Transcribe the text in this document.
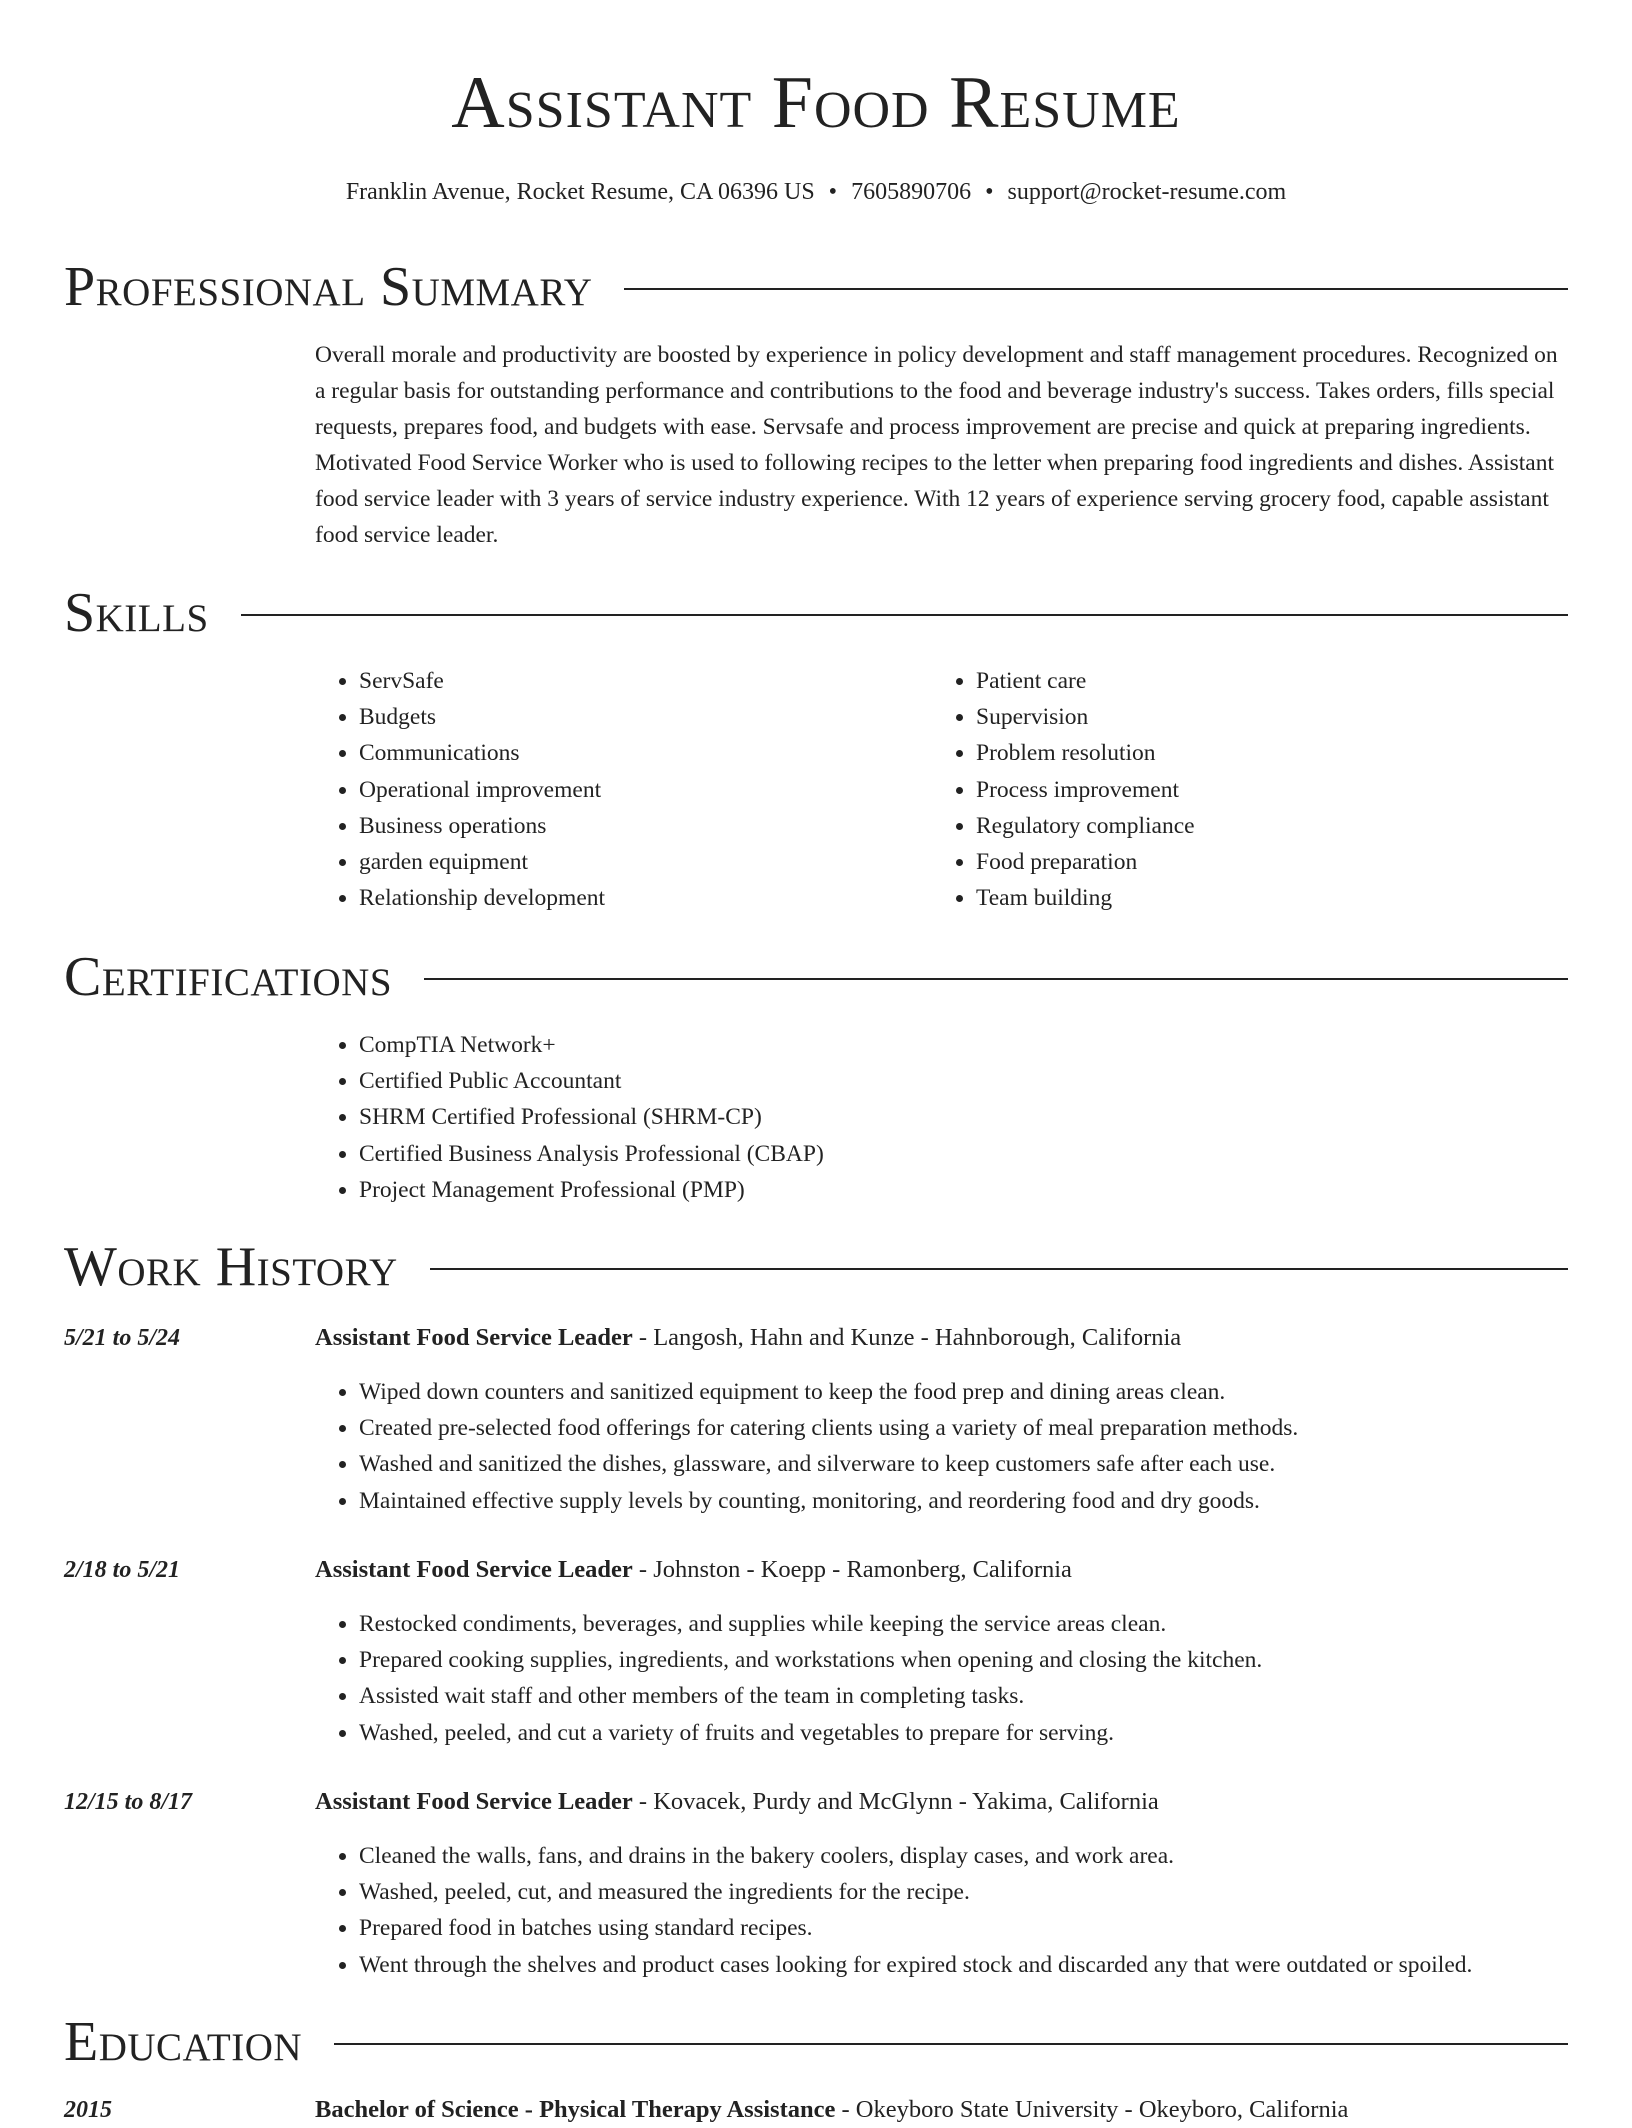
Assistant Food Resume
Franklin Avenue, Rocket Resume, CA 06396 US • 7605890706 • support@rocket-resume.com
Professional Summary

Overall morale and productivity are boosted by experience in policy development and staff management procedures. Recognized on a regular basis for outstanding performance and contributions to the food and beverage industry's success. Takes orders, fills special requests, prepares food, and budgets with ease. Servsafe and process improvement are precise and quick at preparing ingredients. Motivated Food Service Worker who is used to following recipes to the letter when preparing food ingredients and dishes. Assistant food service leader with 3 years of service industry experience. With 12 years of experience serving grocery food, capable assistant food service leader.

Skills
• ServSafe
• Budgets
• Communications
• Operational improvement
• Business operations
• garden equipment
• Relationship development
• Patient care
• Supervision
• Problem resolution
• Process improvement
• Regulatory compliance
• Food preparation
• Team building
Certifications
• CompTIA Network+
• Certified Public Accountant
• SHRM Certified Professional (SHRM-CP)
• Certified Business Analysis Professional (CBAP)
• Project Management Professional (PMP)
Work History
5/21 to 5/24	Assistant Food Service Leader - Langosh, Hahn and Kunze - Hahnborough, California
• Wiped down counters and sanitized equipment to keep the food prep and dining areas clean.
• Created pre-selected food offerings for catering clients using a variety of meal preparation methods.
• Washed and sanitized the dishes, glassware, and silverware to keep customers safe after each use.
• Maintained effective supply levels by counting, monitoring, and reordering food and dry goods.
2/18 to 5/21	Assistant Food Service Leader - Johnston - Koepp - Ramonberg, California
• Restocked condiments, beverages, and supplies while keeping the service areas clean.
• Prepared cooking supplies, ingredients, and workstations when opening and closing the kitchen.
• Assisted wait staff and other members of the team in completing tasks.
• Washed, peeled, and cut a variety of fruits and vegetables to prepare for serving.
12/15 to 8/17	Assistant Food Service Leader - Kovacek, Purdy and McGlynn - Yakima, California
• Cleaned the walls, fans, and drains in the bakery coolers, display cases, and work area.
• Washed, peeled, cut, and measured the ingredients for the recipe.
• Prepared food in batches using standard recipes.
• Went through the shelves and product cases looking for expired stock and discarded any that were outdated or spoiled.
Education
2015	Bachelor of Science - Physical Therapy Assistance - Okeyboro State University - Okeyboro, California
